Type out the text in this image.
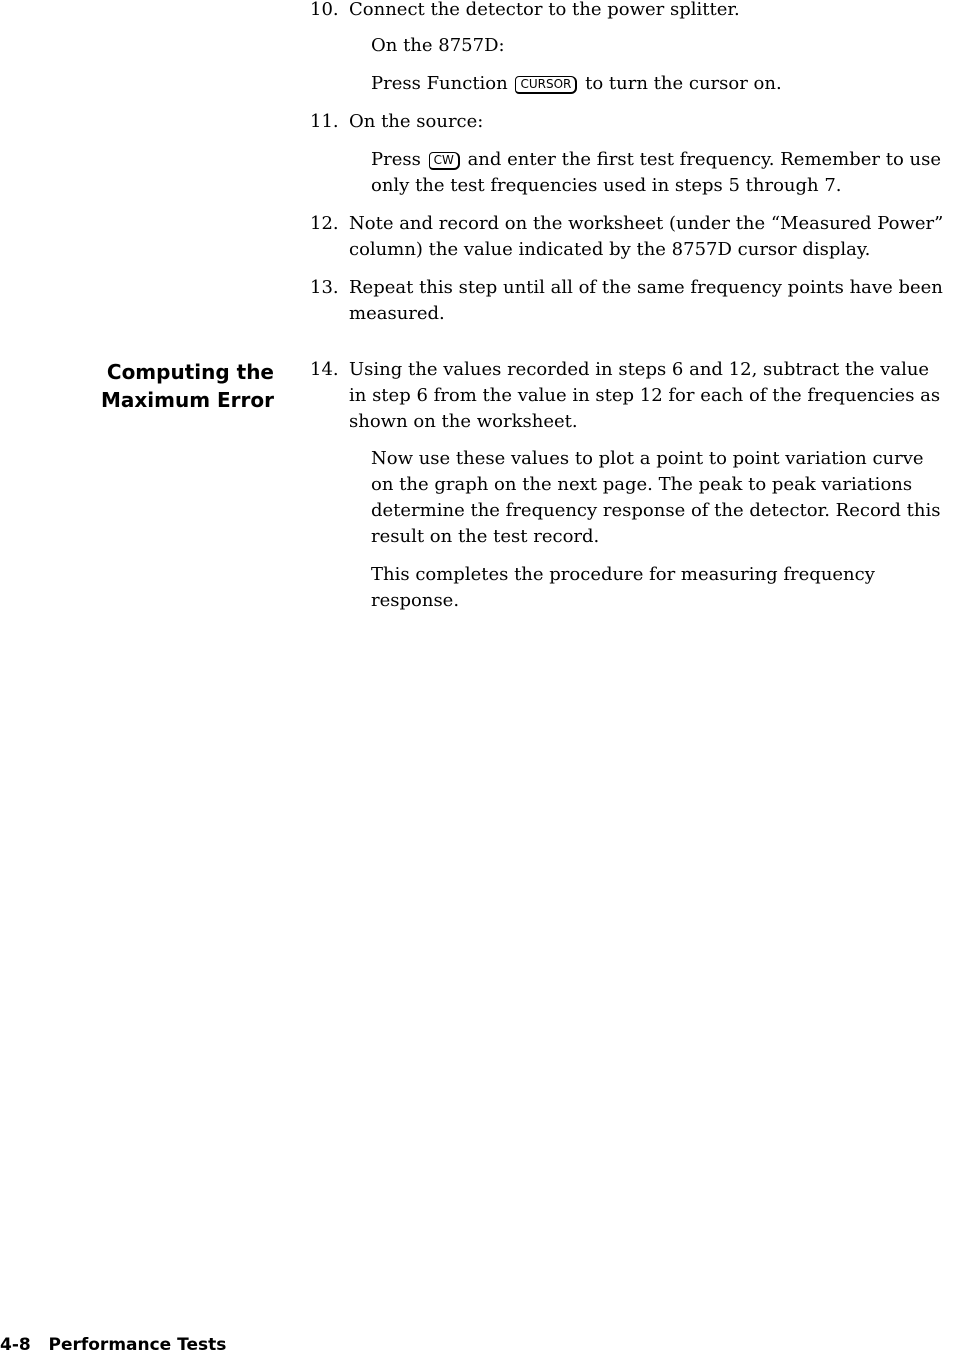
10. Connect the detector to the power splitter.
On the 8757D:
Press Function CURSOR to turn the cursor on.
11. On the source:
Press CW and enter the first test frequency. Remember to use
only the test frequencies used in steps 5 through 7.
12. Note and record on the worksheet (under the “Measured Power”
column) the value indicated by the 8757D cursor display.
13. Repeat this step until all of the same frequency points have been
measured.
Computing the
Maximum Error
14. Using the values recorded in steps 6 and 12, subtract the value
in step 6 from the value in step 12 for each of the frequencies as
shown on the worksheet.
Now use these values to plot a point to point variation curve
on the graph on the next page. The peak to peak variations
determine the frequency response of the detector. Record this
result on the test record.
This completes the procedure for measuring frequency
response.
4-8 Performance Tests
